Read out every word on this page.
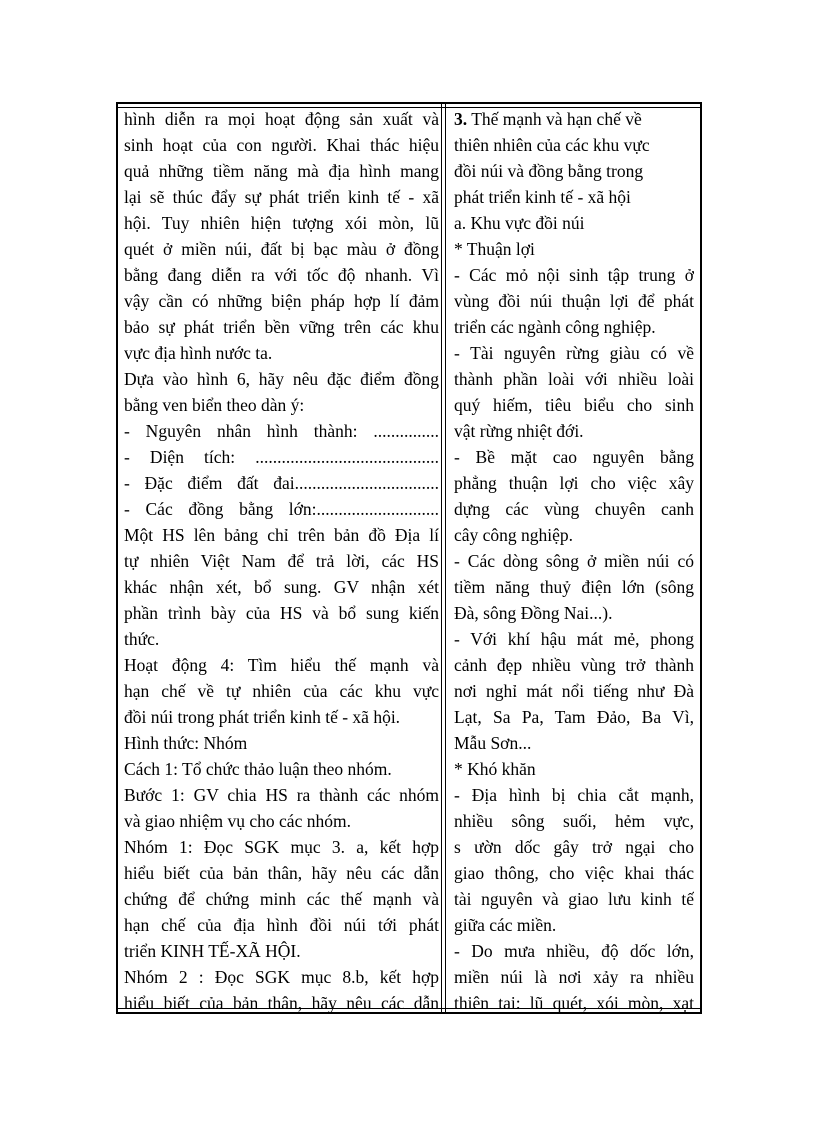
hình diễn ra mọi hoạt động sản xuất và
sinh hoạt của con người. Khai thác hiệu
quả những tiềm năng mà địa hình mang
lại sẽ thúc đẩy sự phát triển kinh tế - xã
hội. Tuy nhiên hiện tượng xói mòn, lũ
quét ở miền núi, đất bị bạc màu ở đồng
bằng đang diễn ra với tốc độ nhanh. Vì
vậy cần có những biện pháp hợp lí đảm
bảo sự phát triển bền vững trên các khu
vực địa hình nước ta.
Dựa vào hình 6, hãy nêu đặc điểm đồng
bằng ven biển theo dàn ý:
- Nguyên nhân hình thành: ...............
- Diện tích: ..........................................
- Đặc điểm đất đai.................................
- Các đồng bằng lớn:............................
Một HS lên bảng chỉ trên bản đồ Địa lí
tự nhiên Việt Nam để trả lời, các HS
khác nhận xét, bổ sung. GV nhận xét
phần trình bày của HS và bổ sung kiến
thức.
Hoạt động 4: Tìm hiểu thế mạnh và
hạn chế về tự nhiên của các khu vực
đồi núi trong phát triển kinh tế - xã hội.
Hình thức: Nhóm
Cách 1: Tổ chức thảo luận theo nhóm.
Bước 1: GV chia HS ra thành các nhóm
và giao nhiệm vụ cho các nhóm.
Nhóm 1: Đọc SGK mục 3. a, kết hợp
hiểu biết của bản thân, hãy nêu các dẫn
chứng để chứng minh các thế mạnh và
hạn chế của địa hình đồi núi tới phát
triển KINH TẾ-XÃ HỘI.
Nhóm 2 : Đọc SGK mục 8.b, kết hợp
hiểu biết của bản thân, hãy nêu các dẫn
3. Thế mạnh và hạn chế về
thiên nhiên của các khu vực
đồi núi và đồng bằng trong
phát triển kinh tế - xã hội
a. Khu vực đồi núi
* Thuận lợi
- Các mỏ nội sinh tập trung ở
vùng đồi núi thuận lợi để phát
triển các ngành công nghiệp.
- Tài nguyên rừng giàu có về
thành phần loài với nhiều loài
quý hiếm, tiêu biểu cho sinh
vật rừng nhiệt đới.
- Bề mặt cao nguyên bằng
phẳng thuận lợi cho việc xây
dựng các vùng chuyên canh
cây công nghiệp.
- Các dòng sông ở miền núi có
tiềm năng thuỷ điện lớn (sông
Đà, sông Đồng Nai...).
- Với khí hậu mát mẻ, phong
cảnh đẹp nhiều vùng trở thành
nơi nghỉ mát nổi tiếng như Đà
Lạt, Sa Pa, Tam Đảo, Ba Vì,
Mẫu Sơn...
* Khó khăn
- Địa hình bị chia cắt mạnh,
nhiều sông suối, hẻm vực,
s ườn dốc gây trở ngại cho
giao thông, cho việc khai thác
tài nguyên và giao lưu kinh tế
giữa các miền.
- Do mưa nhiều, độ dốc lớn,
miền núi là nơi xảy ra nhiều
thiên tai: lũ quét, xói mòn, xạt
